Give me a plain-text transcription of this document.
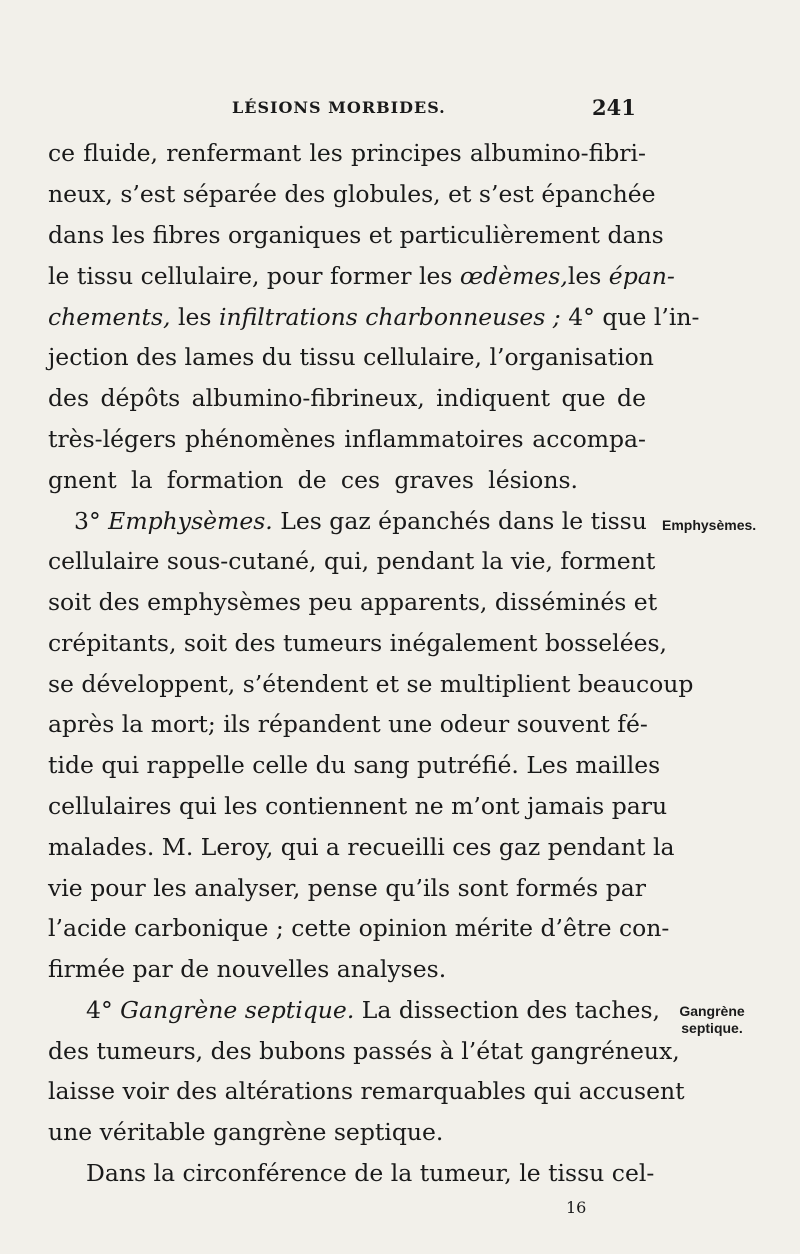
LÉSIONS MORBIDES.	241
ce fluide, renfermant les principes albumino-fibri-
neux, s’est séparée des globules, et s’est épanchée
dans les fibres organiques et particulièrement dans
le tissu cellulaire, pour former les œdèmes,les épan-
chements, les infiltrations charbonneuses ; 4° que l’in-
jection des lames du tissu cellulaire, l’organisation
des dépôts albumino-fibrineux, indiquent que de
très-légers phénomènes inflammatoires accompa-
gnent la formation de ces graves lésions.
3° Emphysèmes. Les gaz épanchés dans le tissu
cellulaire sous-cutané, qui, pendant la vie, forment
soit des emphysèmes peu apparents, disséminés et
crépitants, soit des tumeurs inégalement bosselées,
se développent, s’étendent et se multiplient beaucoup
après la mort; ils répandent une odeur souvent fé-
tide qui rappelle celle du sang putréfié. Les mailles
cellulaires qui les contiennent ne m’ont jamais paru
malades. M. Leroy, qui a recueilli ces gaz pendant la
vie pour les analyser, pense qu’ils sont formés par
l’acide carbonique ; cette opinion mérite d’être con-
firmée par de nouvelles analyses.
4° Gangrène septique. La dissection des taches,
des tumeurs, des bubons passés à l’état gangréneux,
laisse voir des altérations remarquables qui accusent
une véritable gangrène septique.
Dans la circonférence de la tumeur, le tissu cel-
Emphysèmes.
Gangrène
septique.
16
